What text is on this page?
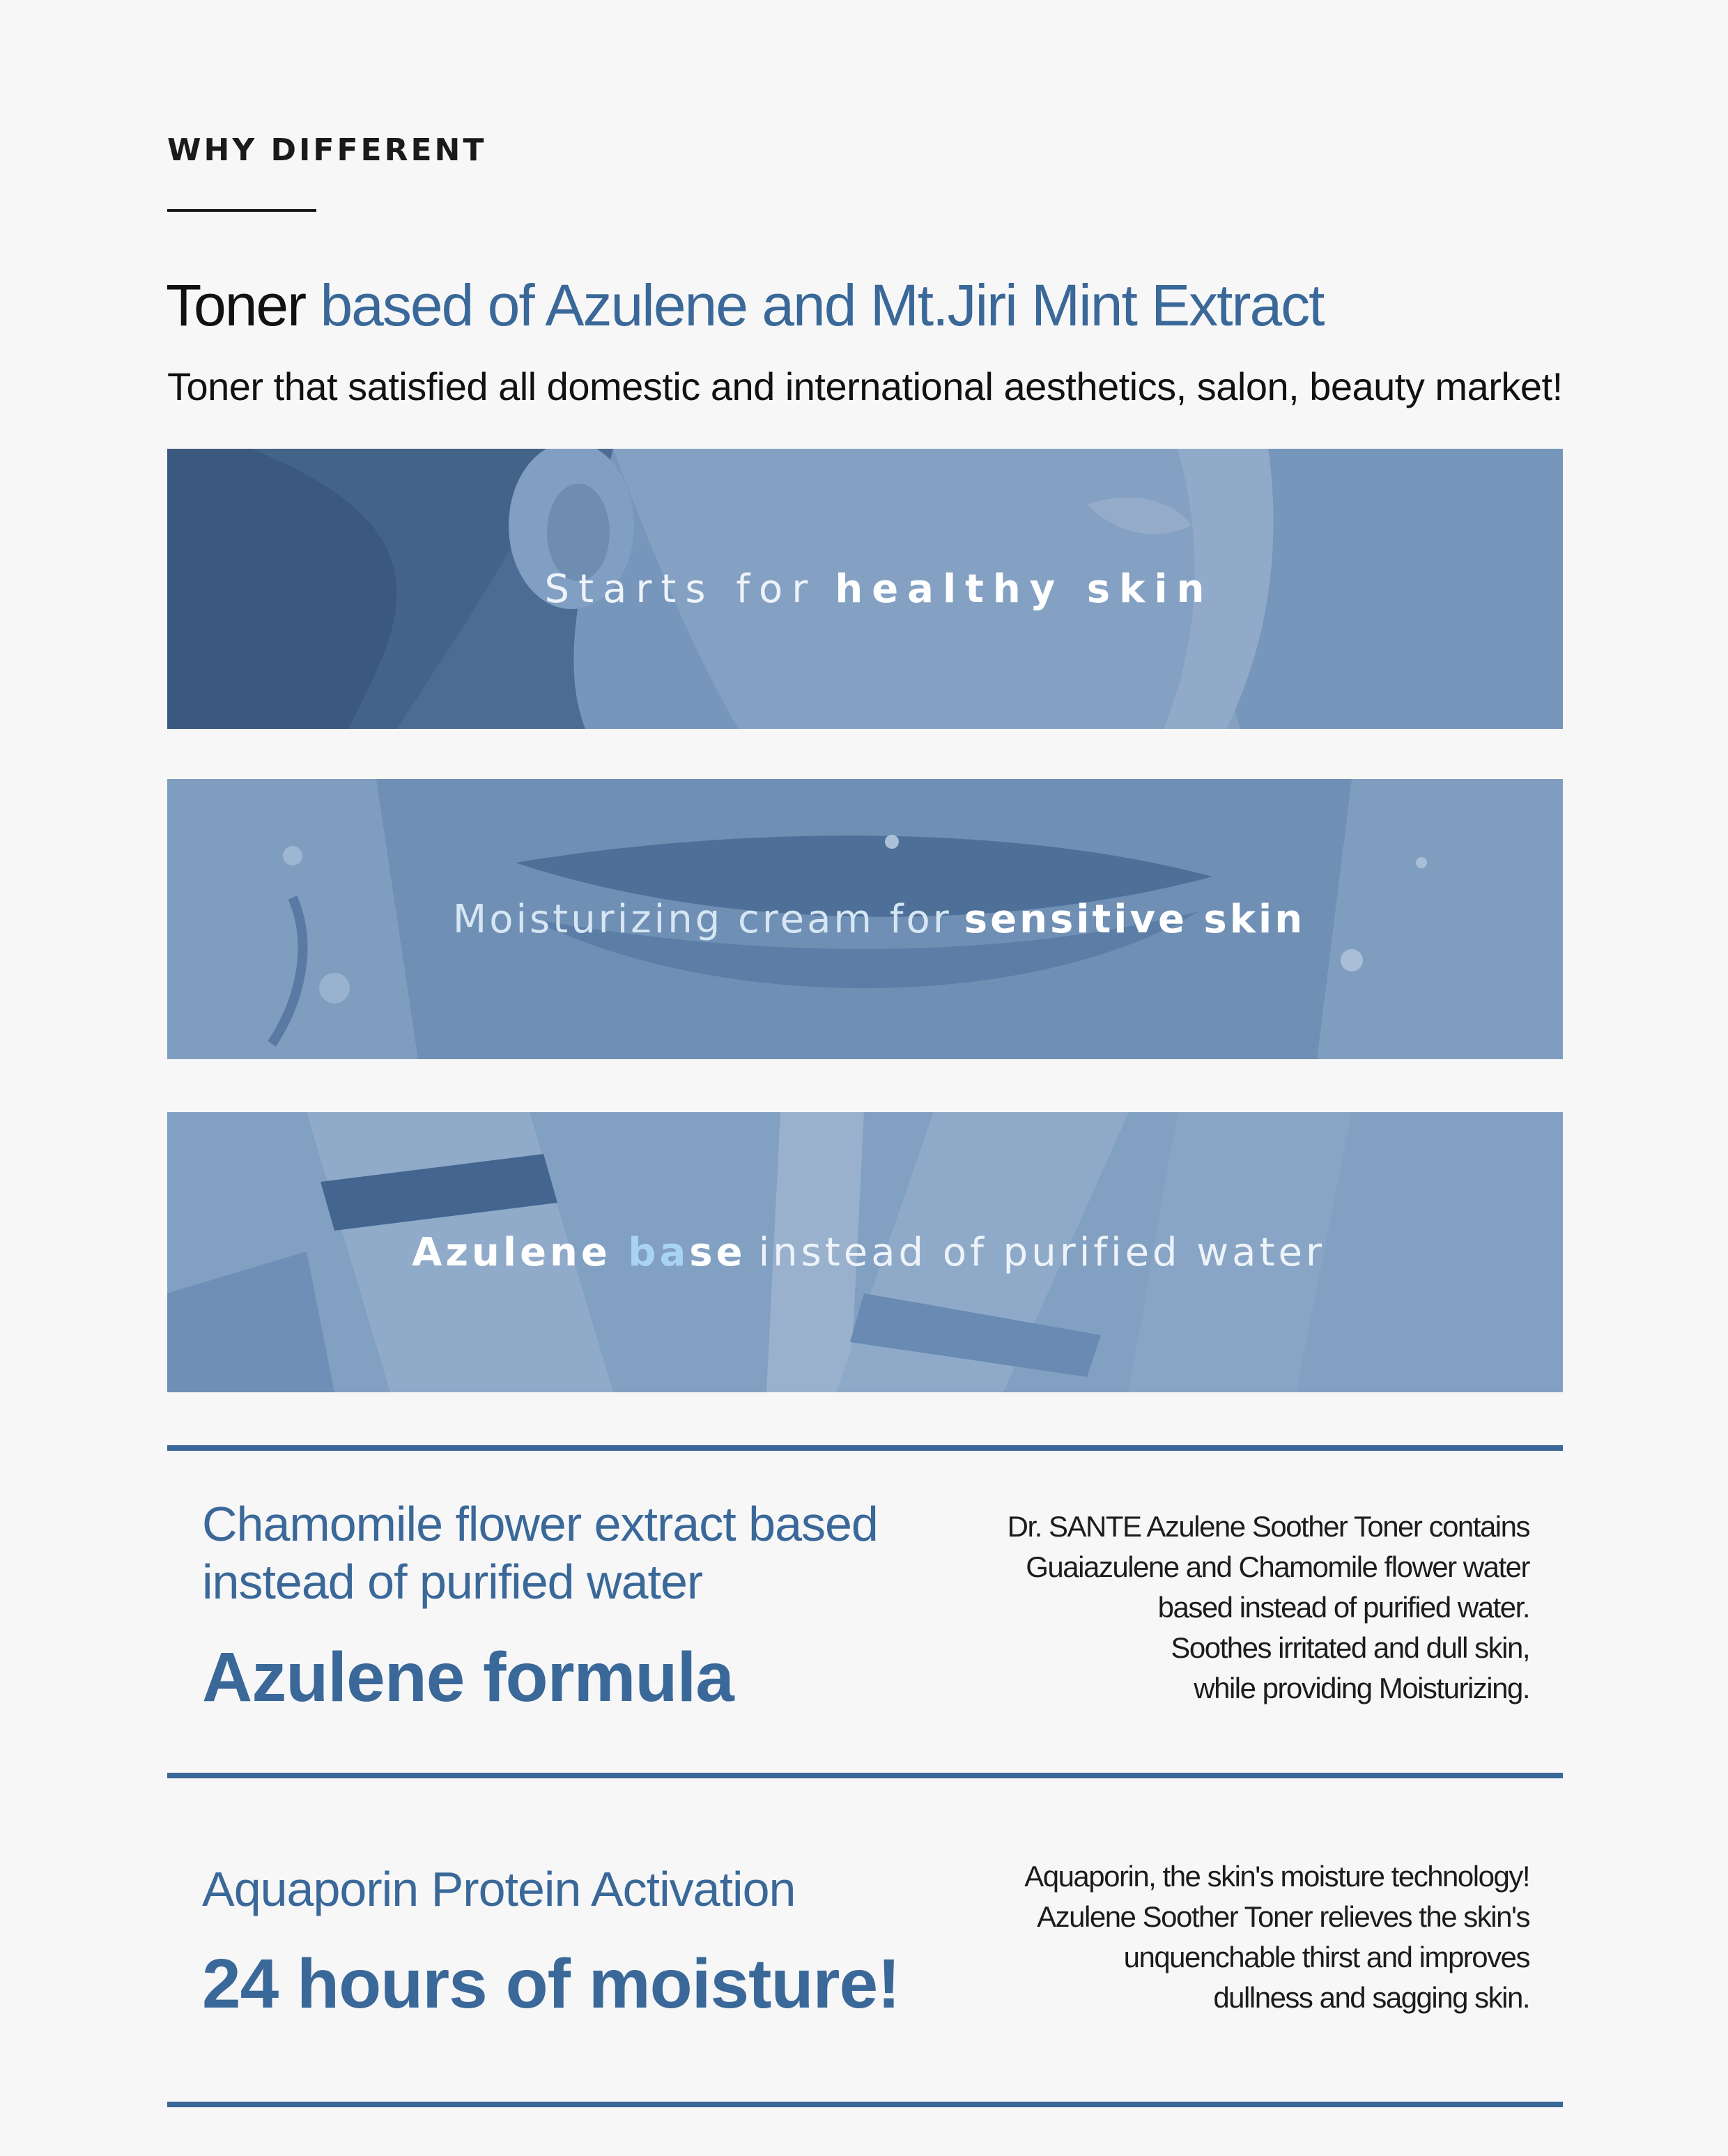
WHY DIFFERENT
Toner based of Azulene and Mt.Jiri Mint Extract
Toner that satisfied all domestic and international aesthetics, salon, beauty market!
Starts for healthy skin
Moisturizing cream for sensitive skin
Azulene base instead of purified water
Chamomile flower extract based
instead of purified water
Azulene formula
Dr. SANTE Azulene Soother Toner contains
Guaiazulene and Chamomile flower water
based instead of purified water.
Soothes irritated and dull skin,
while providing Moisturizing.
Aquaporin Protein Activation
24 hours of moisture!
Aquaporin, the skin's moisture technology!
Azulene Soother Toner relieves the skin's
unquenchable thirst and improves
dullness and sagging skin.
